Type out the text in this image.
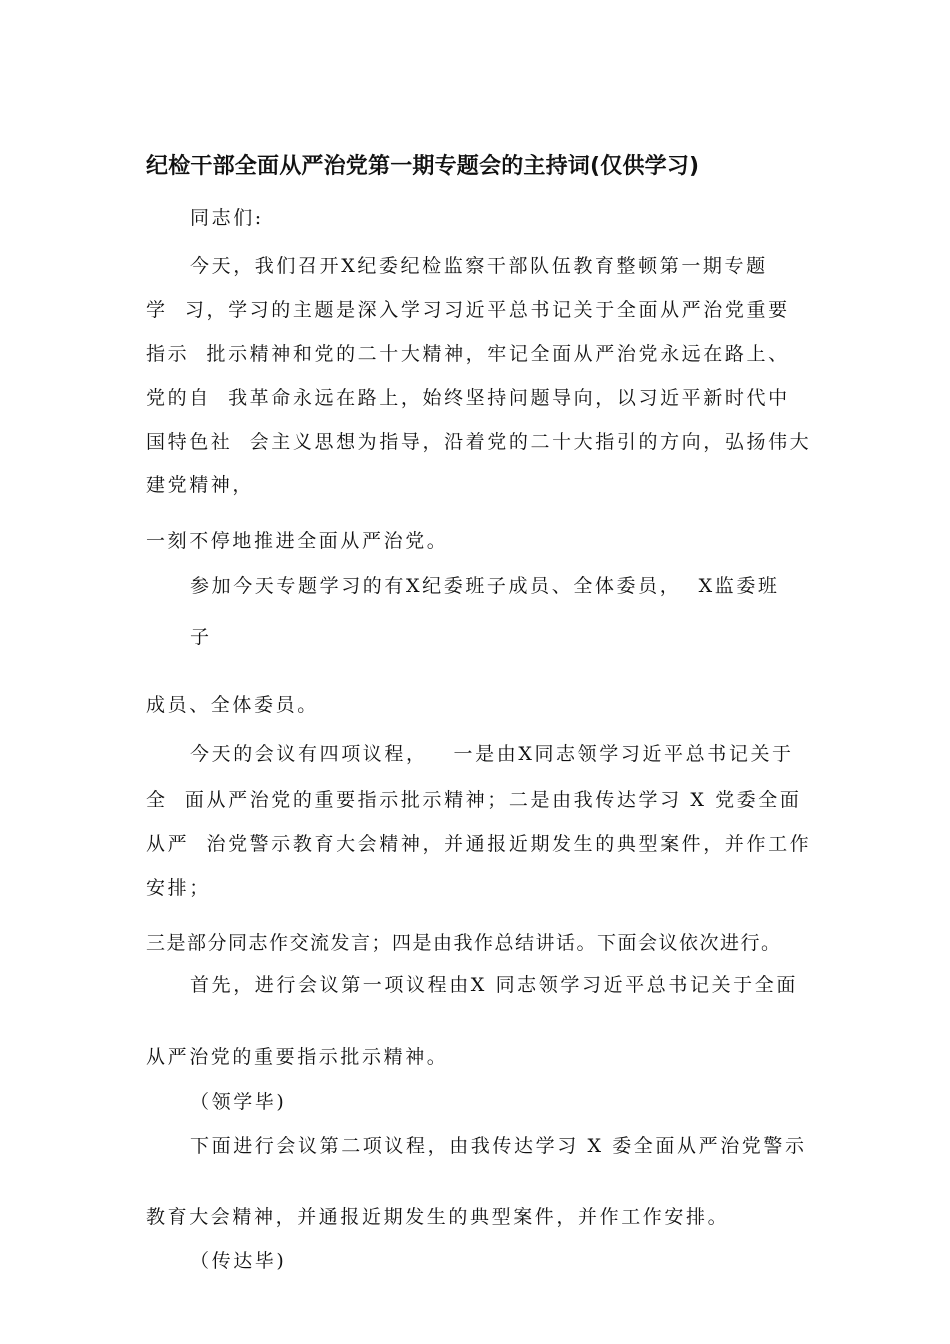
纪检干部全面从严治党第一期专题会的主持词(仅供学习)
同志们:
今天，我们召开X纪委纪检监察干部队伍教育整顿第一期专题
学  习，学习的主题是深入学习习近平总书记关于全面从严治党重要
指示  批示精神和党的二十大精神，牢记全面从严治党永远在路上、
党的自  我革命永远在路上，始终坚持问题导向，以习近平新时代中
国特色社  会主义思想为指导，沿着党的二十大指引的方向，弘扬伟大
建党精神，
一刻不停地推进全面从严治党。
参加今天专题学习的有X纪委班子成员、全体委员，  X监委班
子
成员、全体委员。
今天的会议有四项议程，   一是由X同志领学习近平总书记关于
全  面从严治党的重要指示批示精神；二是由我传达学习 X 党委全面
从严  治党警示教育大会精神，并通报近期发生的典型案件，并作工作
安排；
三是部分同志作交流发言；四是由我作总结讲话。下面会议依次进行。
首先，进行会议第一项议程由X 同志领学习近平总书记关于全面
从严治党的重要指示批示精神。
（领学毕)
下面进行会议第二项议程，由我传达学习 X 委全面从严治党警示
教育大会精神，并通报近期发生的典型案件，并作工作安排。
（传达毕)
